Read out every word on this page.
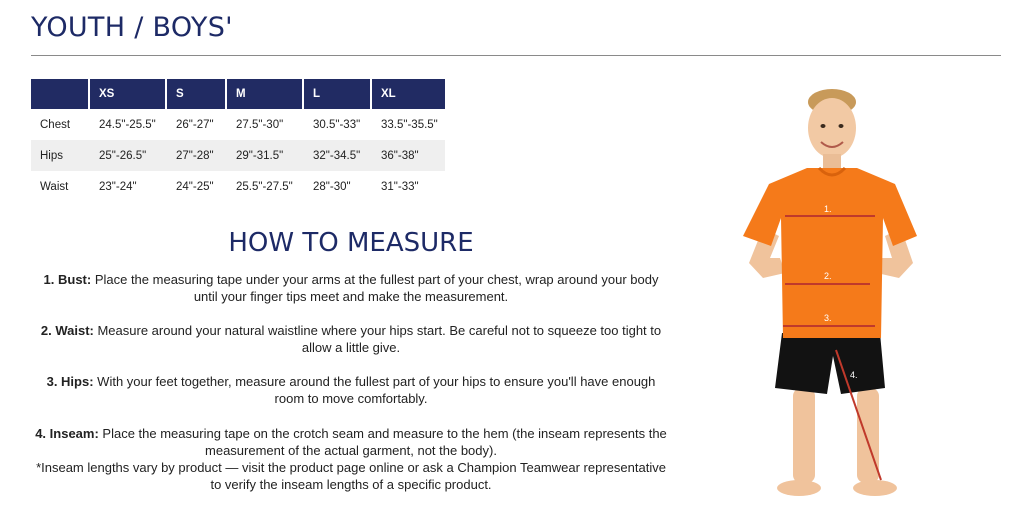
YOUTH / BOYS'
	XS	S	M	L	XL
Chest	24.5"-25.5"	26"-27"	27.5"-30"	30.5"-33"	33.5"-35.5"
Hips	25"-26.5"	27"-28"	29"-31.5"	32"-34.5"	36"-38"
Waist	23"-24"	24"-25"	25.5"-27.5"	28"-30"	31"-33"
HOW TO MEASURE

1. Bust: Place the measuring tape under your arms at the fullest part of your chest, wrap around your body until your finger tips meet and make the measurement.

2. Waist: Measure around your natural waistline where your hips start. Be careful not to squeeze too tight to allow a little give.

3. Hips: With your feet together, measure around the fullest part of your hips to ensure you'll have enough room to move comfortably.

4. Inseam: Place the measuring tape on the crotch seam and measure to the hem (the inseam represents the measurement of the actual garment, not the body).
*Inseam lengths vary by product — visit the product page online or ask a Champion Teamwear representative to verify the inseam lengths of a specific product.

1.
2.
3.
4.
